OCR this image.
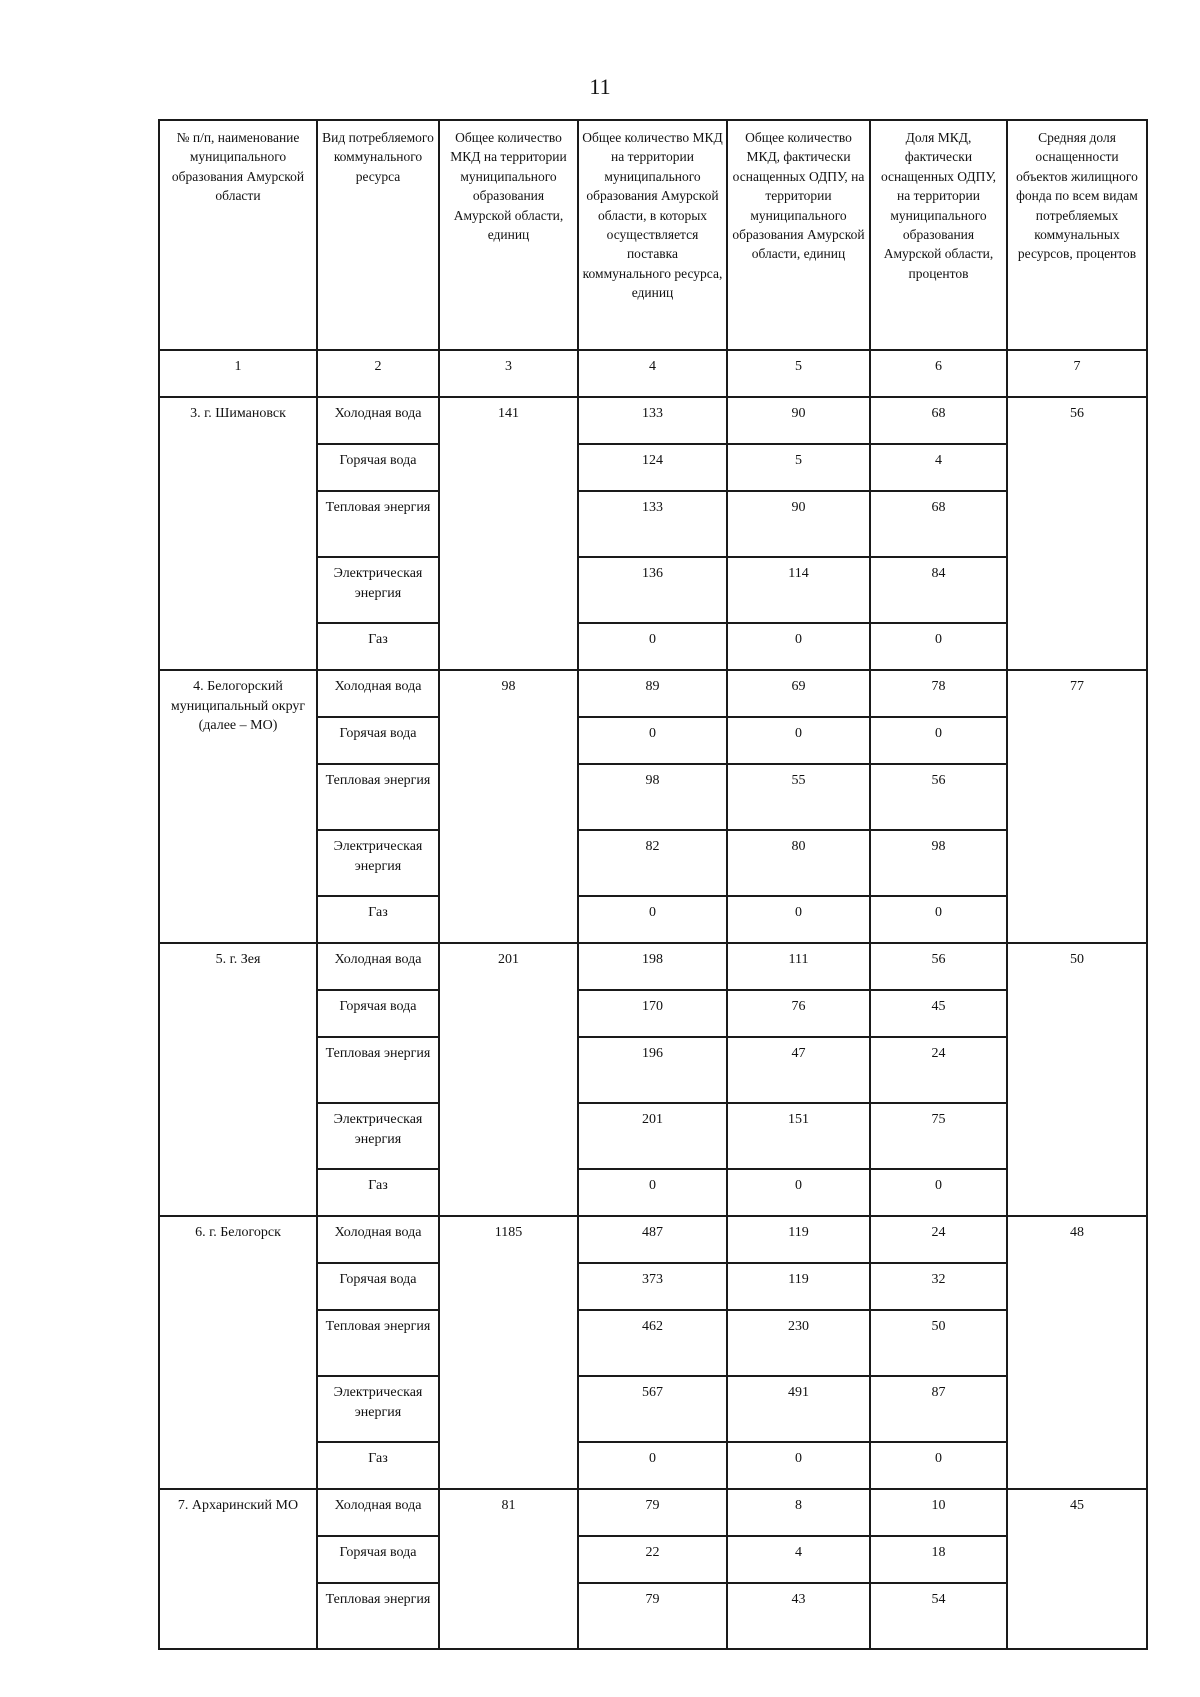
11
№ п/п, наименование муниципального образования Амурской области	Вид потребляемого коммунального ресурса	Общее количество МКД на территории муниципального образования Амурской области, единиц	Общее количество МКД на территории муниципального образования Амурской области, в которых осуществляется поставка коммунального ресурса, единиц	Общее количество МКД, фактически оснащенных ОДПУ, на территории муниципального образования Амурской области, единиц	Доля МКД, фактически оснащенных ОДПУ, на территории муниципального образования Амурской области, процентов	Средняя доля оснащенности объектов жилищного фонда по всем видам потребляемых коммунальных ресурсов, процентов
1	2	3	4	5	6	7
3. г. Шимановск	Холодная вода	141	133	90	68	56
	Горячая вода		124	5	4	
	Тепловая энергия		133	90	68	
	Электрическая энергия		136	114	84	
	Газ		0	0	0	
4. Белогорский муниципальный округ (далее – МО)	Холодная вода	98	89	69	78	77
	Горячая вода		0	0	0	
	Тепловая энергия		98	55	56	
	Электрическая энергия		82	80	98	
	Газ		0	0	0	
5. г. Зея	Холодная вода	201	198	111	56	50
	Горячая вода		170	76	45	
	Тепловая энергия		196	47	24	
	Электрическая энергия		201	151	75	
	Газ		0	0	0	
6. г. Белогорск	Холодная вода	1185	487	119	24	48
	Горячая вода		373	119	32	
	Тепловая энергия		462	230	50	
	Электрическая энергия		567	491	87	
	Газ		0	0	0	
7. Архаринский МО	Холодная вода	81	79	8	10	45
	Горячая вода		22	4	18	
	Тепловая энергия		79	43	54	
